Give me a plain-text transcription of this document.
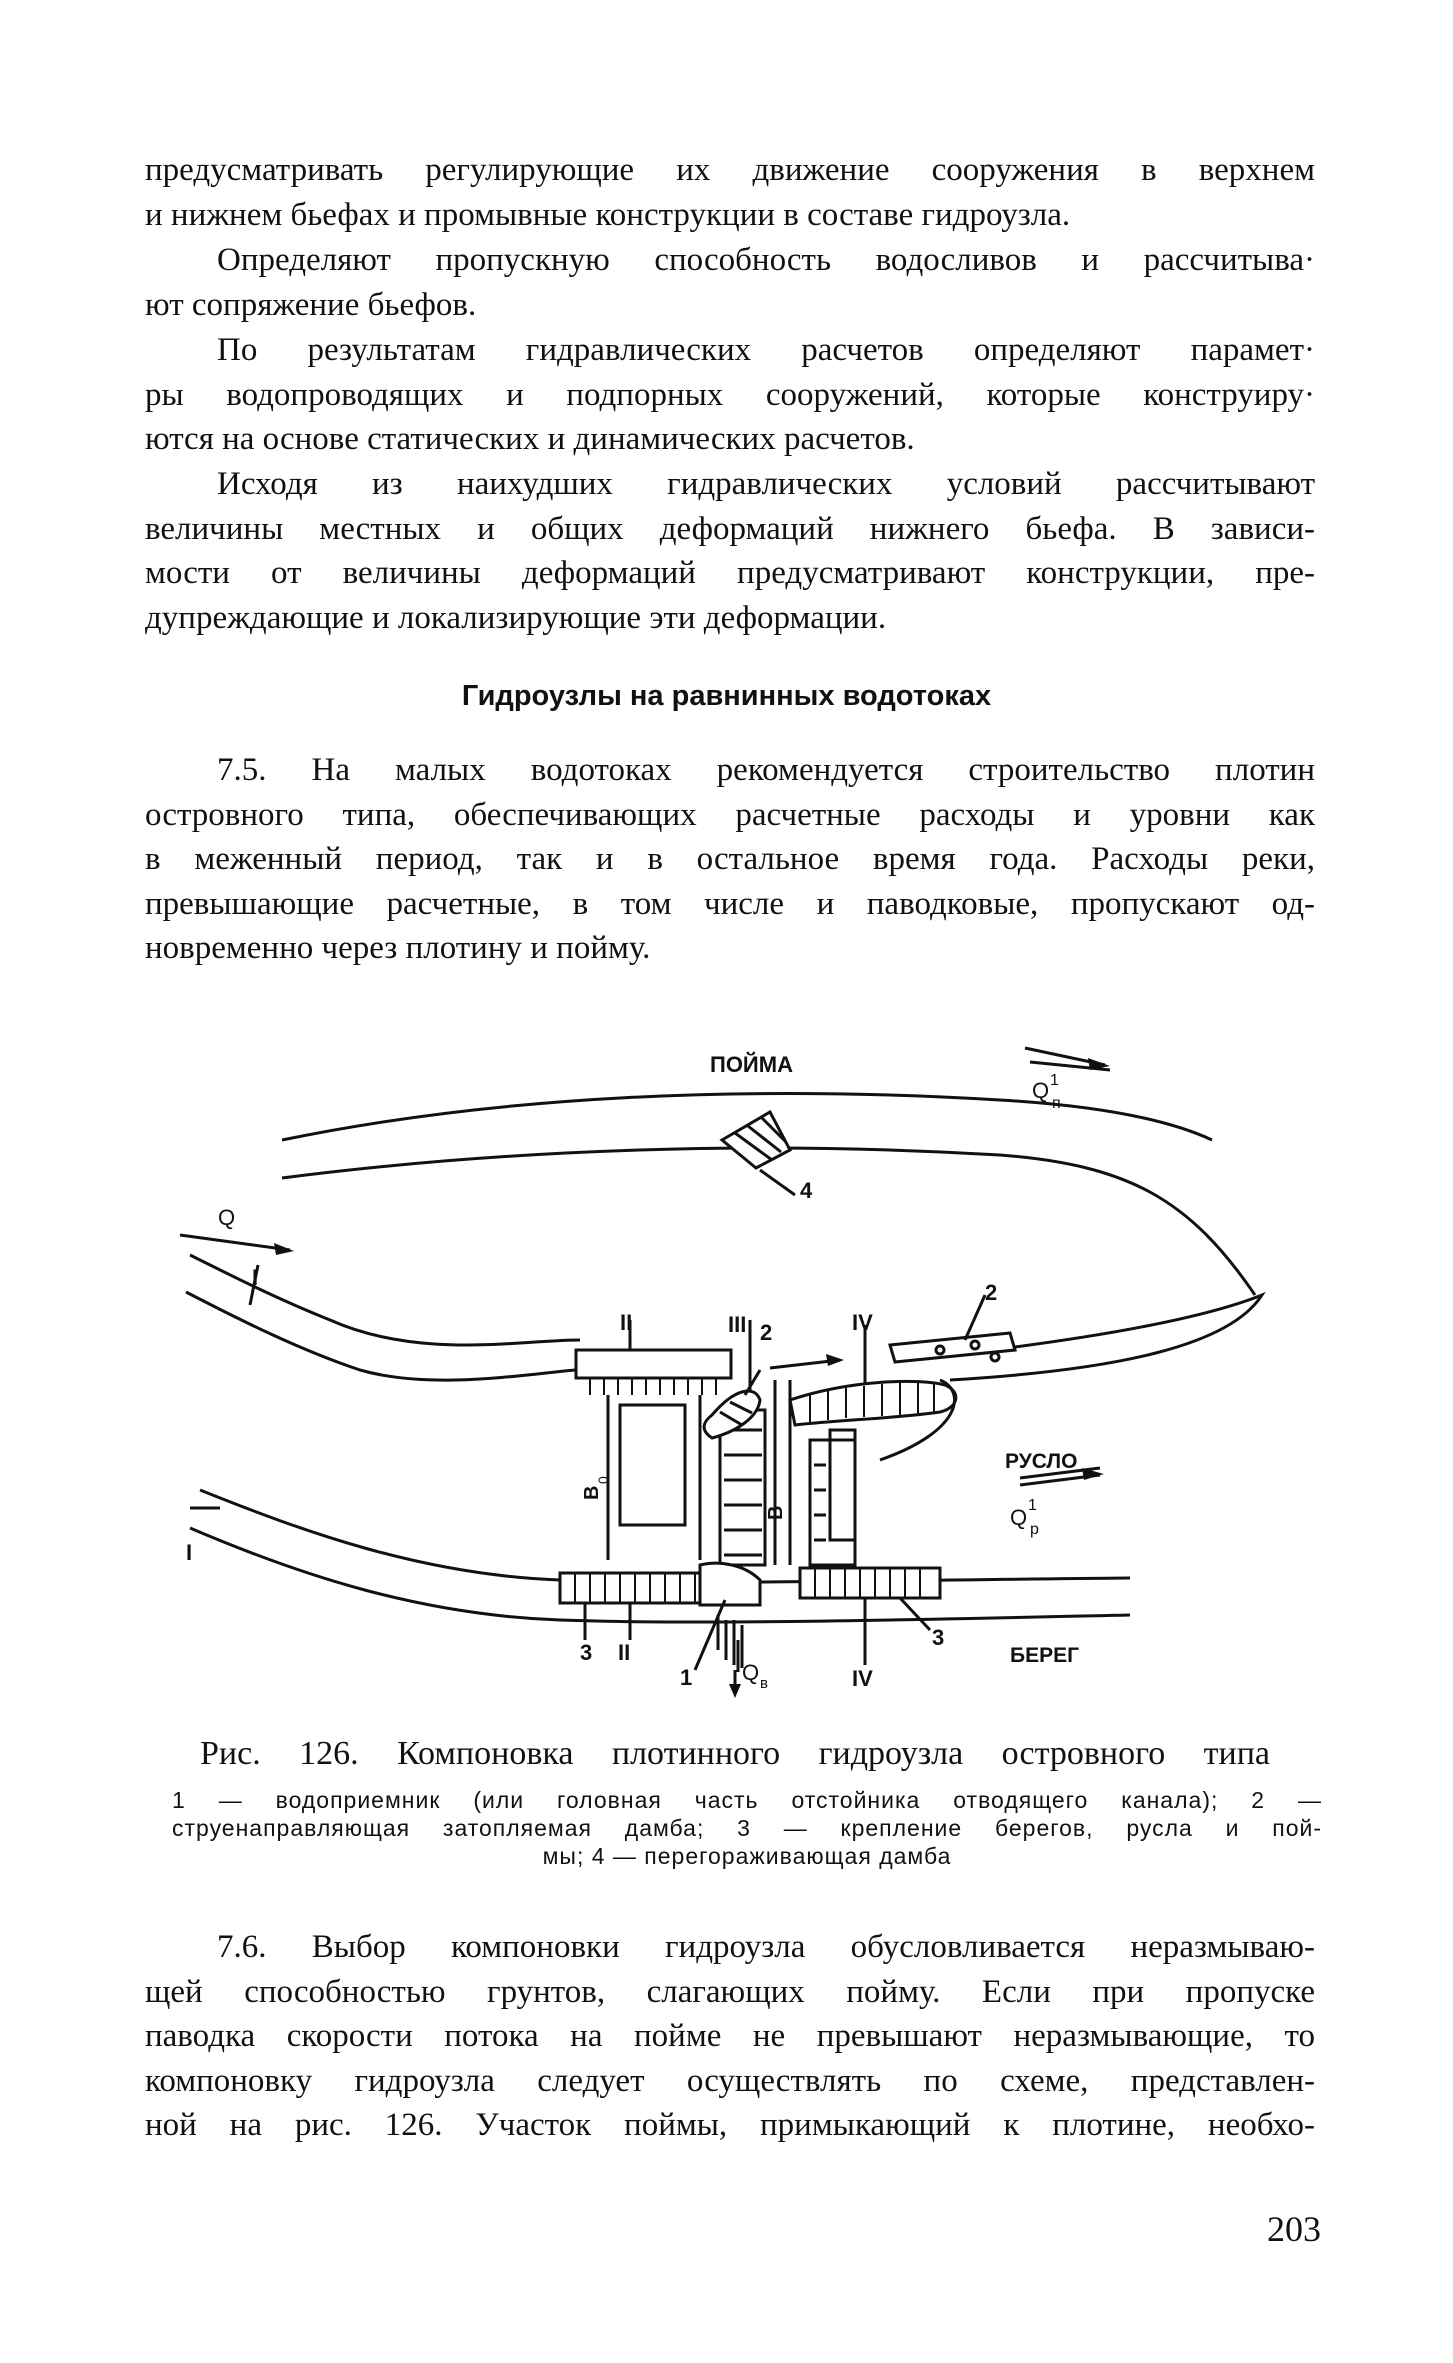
предусматривать регулирующие их движение сооружения в верхнем
и нижнем бьефах и промывные конструкции в составе гидроузла.
Определяют пропускную способность водосливов и рассчитыва·
ют сопряжение бьефов.
По результатам гидравлических расчетов определяют парамет·
ры водопроводящих и подпорных сооружений, которые конструиру·
ются на основе статических и динамических расчетов.
Исходя из наихудших гидравлических условий рассчитывают
величины местных и общих деформаций нижнего бьефа. В зависи-
мости от величины деформаций предусматривают конструкции, пре-
дупреждающие и локализирующие эти деформации.
Гидроузлы на равнинных водотоках
7.5. На малых водотоках рекомендуется строительство плотин
островного типа, обеспечивающих расчетные расходы и уровни как
в меженный период, так и в остальное время года. Расходы реки,
превышающие расчетные, в том числе и паводковые, пропускают од-
новременно через плотину и пойму.
ПОЙМА
Q
Q 1
п
РУСЛО
Q 1
р
БЕРЕГ
Q в
В
0
В
I
I
II
II
III	IV
IV
1
2
2
3
3
4
Рис. 126. Компоновка плотинного гидроузла островного типа
1 — водоприемник (или головная часть отстойника отводящего канала); 2 —
струенаправляющая затопляемая дамба; 3 — крепление берегов, русла и пой-
мы; 4 — перегораживающая дамба
7.6. Выбор компоновки гидроузла обусловливается неразмываю-
щей способностью грунтов, слагающих пойму. Если при пропуске
паводка скорости потока на пойме не превышают неразмывающие, то
компоновку гидроузла следует осуществлять по схеме, представлен-
ной на рис. 126. Участок поймы, примыкающий к плотине, необхо-
203
